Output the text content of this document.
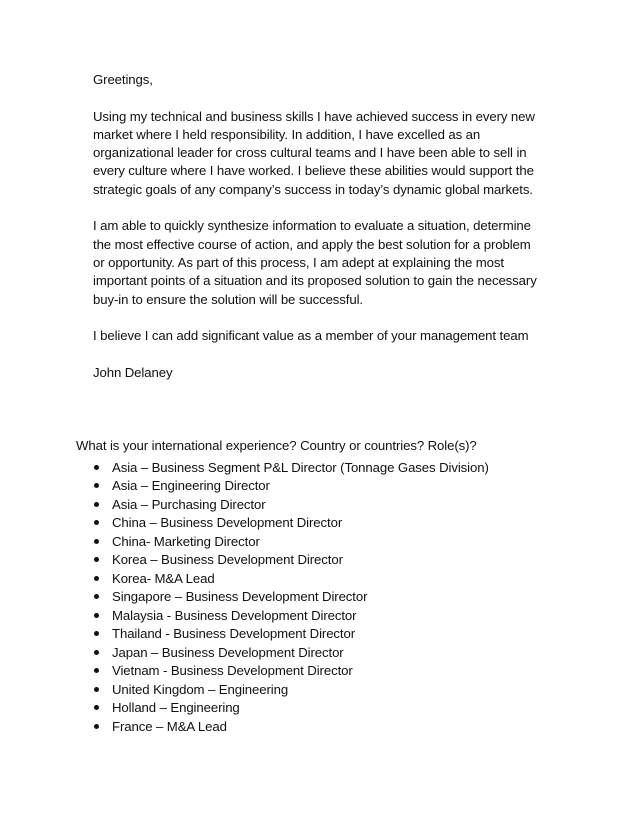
Greetings,

Using my technical and business skills I have achieved success in every new
market where I held responsibility. In addition, I have excelled as an
organizational leader for cross cultural teams and I have been able to sell in
every culture where I have worked. I believe these abilities would support the
strategic goals of any company’s success in today’s dynamic global markets.

I am able to quickly synthesize information to evaluate a situation, determine
the most effective course of action, and apply the best solution for a problem
or opportunity. As part of this process, I am adept at explaining the most
important points of a situation and its proposed solution to gain the necessary
buy-in to ensure the solution will be successful.

I believe I can add significant value as a member of your management team

John Delaney

What is your international experience? Country or countries? Role(s)?
Asia – Business Segment P&L Director (Tonnage Gases Division)
Asia – Engineering Director
Asia – Purchasing Director
China – Business Development Director
China- Marketing Director
Korea – Business Development Director
Korea- M&A Lead
Singapore – Business Development Director
Malaysia - Business Development Director
Thailand - Business Development Director
Japan – Business Development Director
Vietnam - Business Development Director
United Kingdom – Engineering
Holland – Engineering
France – M&A Lead
